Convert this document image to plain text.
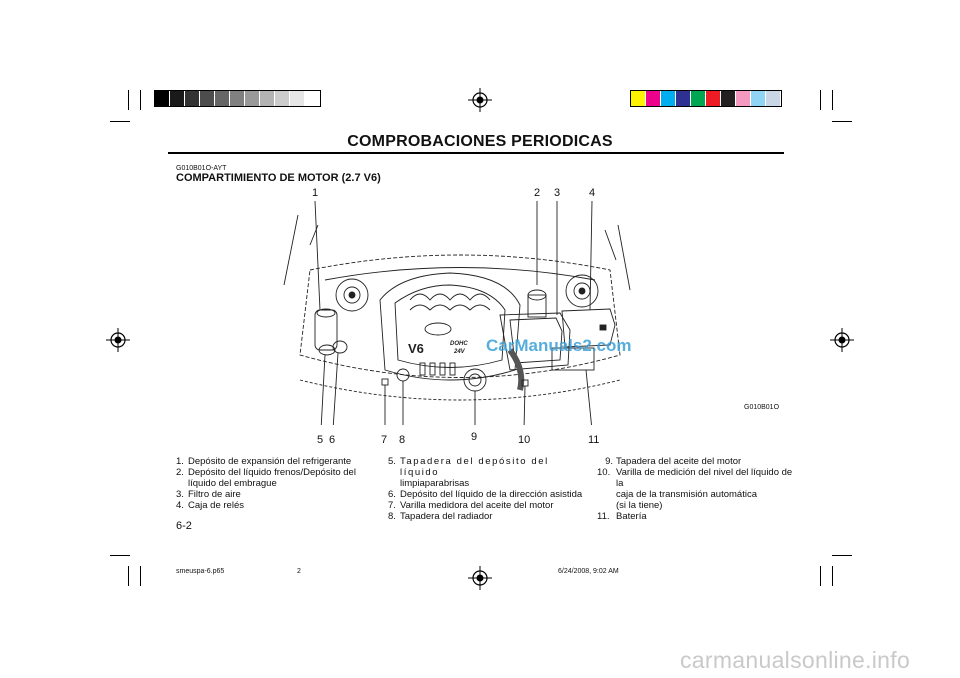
COMPROBACIONES PERIODICAS
G010B01O-AYT
COMPARTIMIENTO DE MOTOR (2.7 V6)
V6	DOHC
24V CarManuals2.com
1	2 3	4
5 6	7 8	9	10	11
G010B01O
1. Depósito de expansión del refrigerante
2. Depósito del líquido frenos/Depósito del
líquido del embrague
3. Filtro de aire
4. Caja de relés
5. Tapadera del depósito del líquido
limpiaparabrisas
6. Depósito del líquido de la dirección asistida
7. Varilla medidora del aceite del motor
8. Tapadera del radiador
9. Tapadera del aceite del motor
10. Varilla de medición del nivel del líquido de la
caja de la transmisión automática
(si la tiene)
11. Batería
6-2
smeuspa-6.p65	2	6/24/2008, 9:02 AM
carmanualsonline.info
